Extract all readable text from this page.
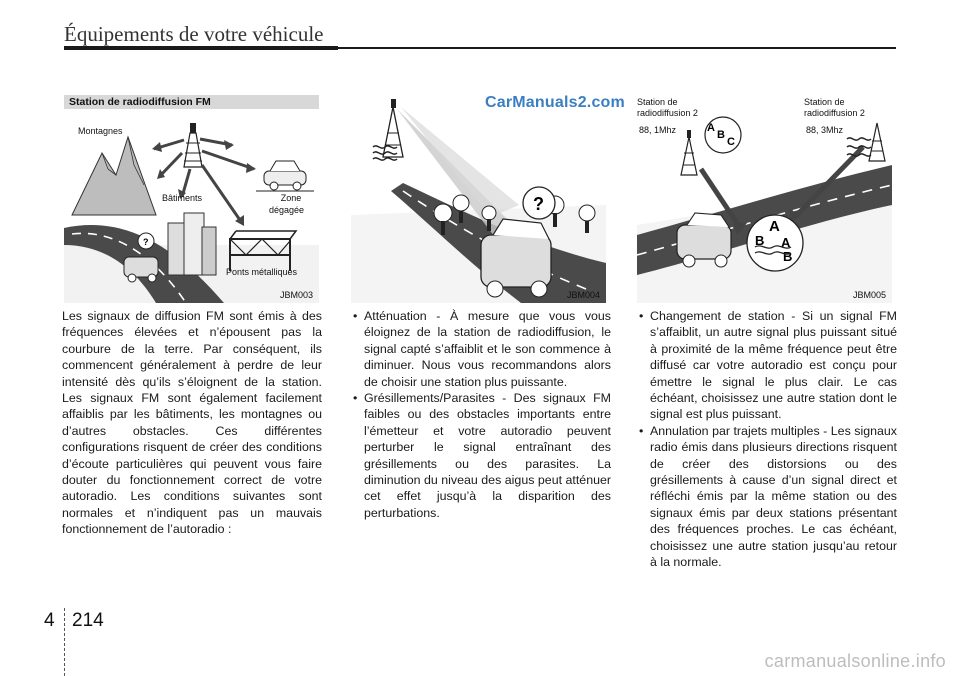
Équipements de votre véhicule
?
Station de radiodiffusion FM
Montagnes
Bâtiments	Zone
dégagée
Ponts métalliques
JBM003
?
CarManuals2.com
JBM004
A
B
C
A
B A
B
Station de
radiodiffusion 2
88, 1Mhz
Station de
radiodiffusion 2
88, 3Mhz
JBM005

Les signaux de diffusion FM sont émis à des fréquences élevées et n’épousent pas la courbure de la terre. Par conséquent, ils commencent généralement à perdre de leur intensité dès qu’ils s’éloignent de la station. Les signaux FM sont également facilement affaiblis par les bâtiments, les montagnes ou d’autres obstacles. Ces différentes configurations risquent de créer des conditions d’écoute particulières qui peuvent vous faire douter du fonctionnement correct de votre autoradio. Les conditions suivantes sont normales et n’indiquent pas un mauvais fonctionnement de l’autoradio :

• Atténuation - À mesure que vous vous éloignez de la station de radiodiffusion, le signal capté s’affaiblit et le son commence à diminuer. Nous vous recommandons alors de choisir une station plus puissante.

• Grésillements/Parasites - Des signaux FM faibles ou des obstacles importants entre l’émetteur et votre autoradio peuvent perturber le signal entraînant des grésillements ou des parasites. La diminution du niveau des aigus peut atténuer cet effet jusqu’à la disparition des perturbations.

• Changement de station - Si un signal FM s’affaiblit, un autre signal plus puissant situé à proximité de la même fréquence peut être diffusé car votre autoradio est conçu pour émettre le signal le plus clair. Le cas échéant, choisissez une autre station dont le signal est plus puissant.

• Annulation par trajets multiples - Les signaux radio émis dans plusieurs directions risquent de créer des distorsions ou des grésillements à cause d’un signal direct et réfléchi émis par la même station ou des signaux émis par deux stations présentant des fréquences proches. Le cas échéant, choisissez une autre station jusqu’au retour à la normale.

4 214
carmanualsonline.info
